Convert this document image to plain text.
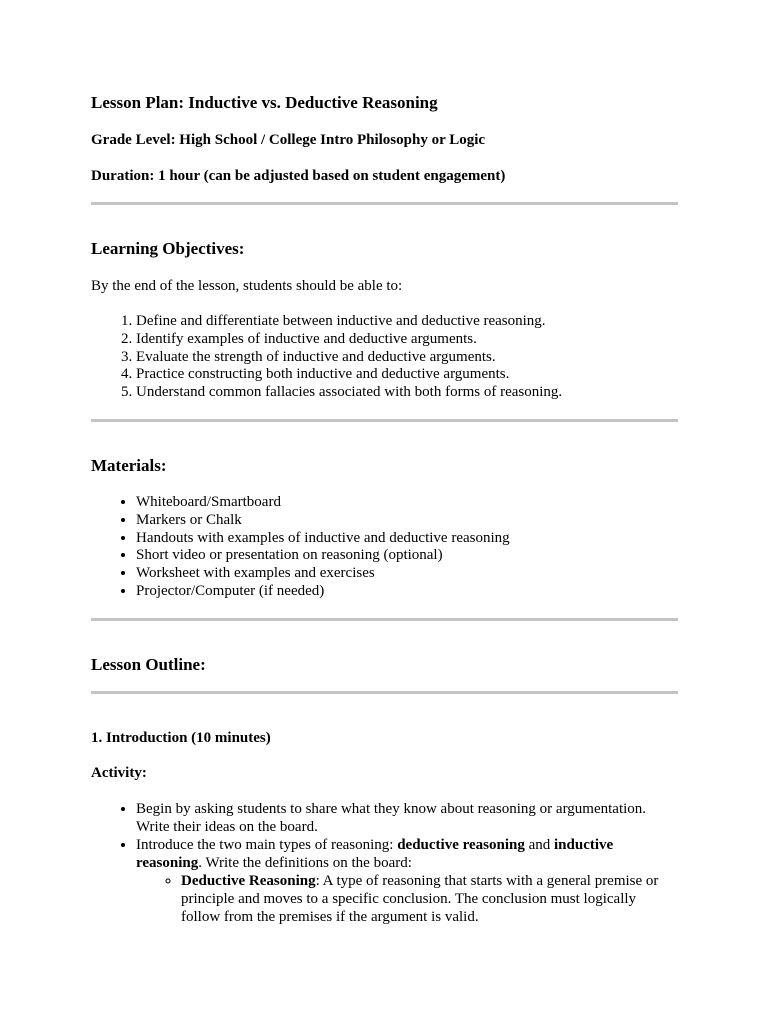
Lesson Plan: Inductive vs. Deductive Reasoning

Grade Level: High School / College Intro Philosophy or Logic

Duration: 1 hour (can be adjusted based on student engagement)

Learning Objectives:

By the end of the lesson, students should be able to:

1. Define and differentiate between inductive and deductive reasoning.
2. Identify examples of inductive and deductive arguments.
3. Evaluate the strength of inductive and deductive arguments.
4. Practice constructing both inductive and deductive arguments.
5. Understand common fallacies associated with both forms of reasoning.
Materials:
• Whiteboard/Smartboard
• Markers or Chalk
• Handouts with examples of inductive and deductive reasoning
• Short video or presentation on reasoning (optional)
• Worksheet with examples and exercises
• Projector/Computer (if needed)
Lesson Outline:

1. Introduction (10 minutes)

Activity:

• Begin by asking students to share what they know about reasoning or argumentation. Write their ideas on the board.
• Introduce the two main types of reasoning: deductive reasoning and inductive reasoning. Write the definitions on the board:
◦ Deductive Reasoning: A type of reasoning that starts with a general premise or principle and moves to a specific conclusion. The conclusion must logically follow from the premises if the argument is valid.
